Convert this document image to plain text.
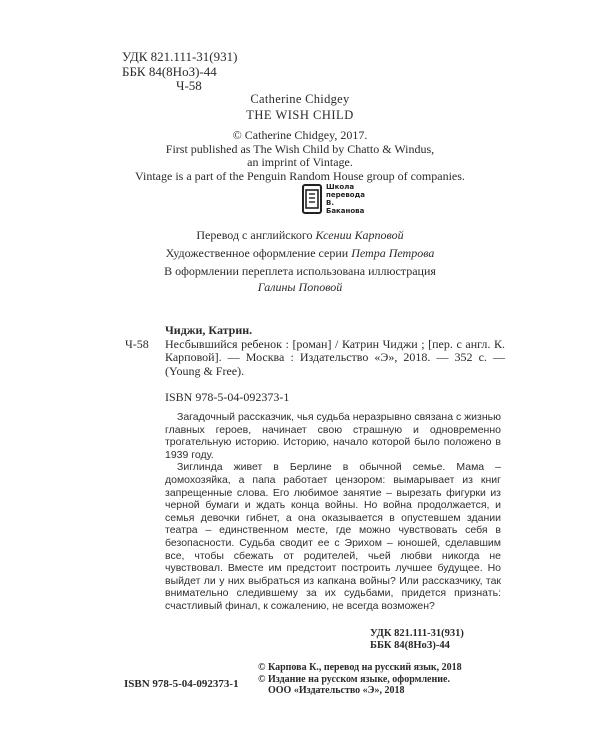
УДК 821.111-31(931)
ББК 84(8НоЗ)-44
Ч-58
Catherine Chidgey
THE WISH CHILD
© Catherine Chidgey, 2017.
First published as The Wish Child by Chatto & Windus,
an imprint of Vintage.
Vintage is a part of the Penguin Random House group of companies.
Школа перевода
В. Баканова
Перевод с английского Ксении Карповой
Художественное оформление серии Петра Петрова
В оформлении переплета использована иллюстрация
Галины Поповой
Чиджи, Катрин.
Ч-58	Несбывшийся ребенок : [роман] / Катрин Чиджи ; [пер. с англ. К. Карповой]. — Москва : Издательство «Э», 2018. — 352 с. — (Young & Free).
ISBN 978-5-04-092373-1

Загадочный рассказчик, чья судьба неразрывно связана с жизнью главных героев, начинает свою страшную и одновременно трогательную историю. Историю, начало которой было положено в 1939 году.

Зиглинда живет в Берлине в обычной семье. Мама – домохозяйка, а папа работает цензором: вымарывает из книг запрещенные слова. Его любимое занятие – вырезать фигурки из черной бумаги и ждать конца войны. Но война продолжается, и семья девочки гибнет, а она оказывается в опустевшем здании театра – единственном месте, где можно чувствовать себя в безопасности. Судьба сводит ее с Эрихом – юношей, сделавшим все, чтобы сбежать от родителей, чьей любви никогда не чувствовал. Вместе им предстоит построить лучшее будущее. Но выйдет ли у них выбраться из капкана войны? Или рассказчику, так внимательно следившему за их судьбами, придется признать: счастливый финал, к сожалению, не всегда возможен?

УДК 821.111-31(931)
ББК 84(8НоЗ)-44
ISBN 978-5-04-092373-1
© Карпова К., перевод на русский язык, 2018
© Издание на русском языке, оформление.
ООО «Издательство «Э», 2018
